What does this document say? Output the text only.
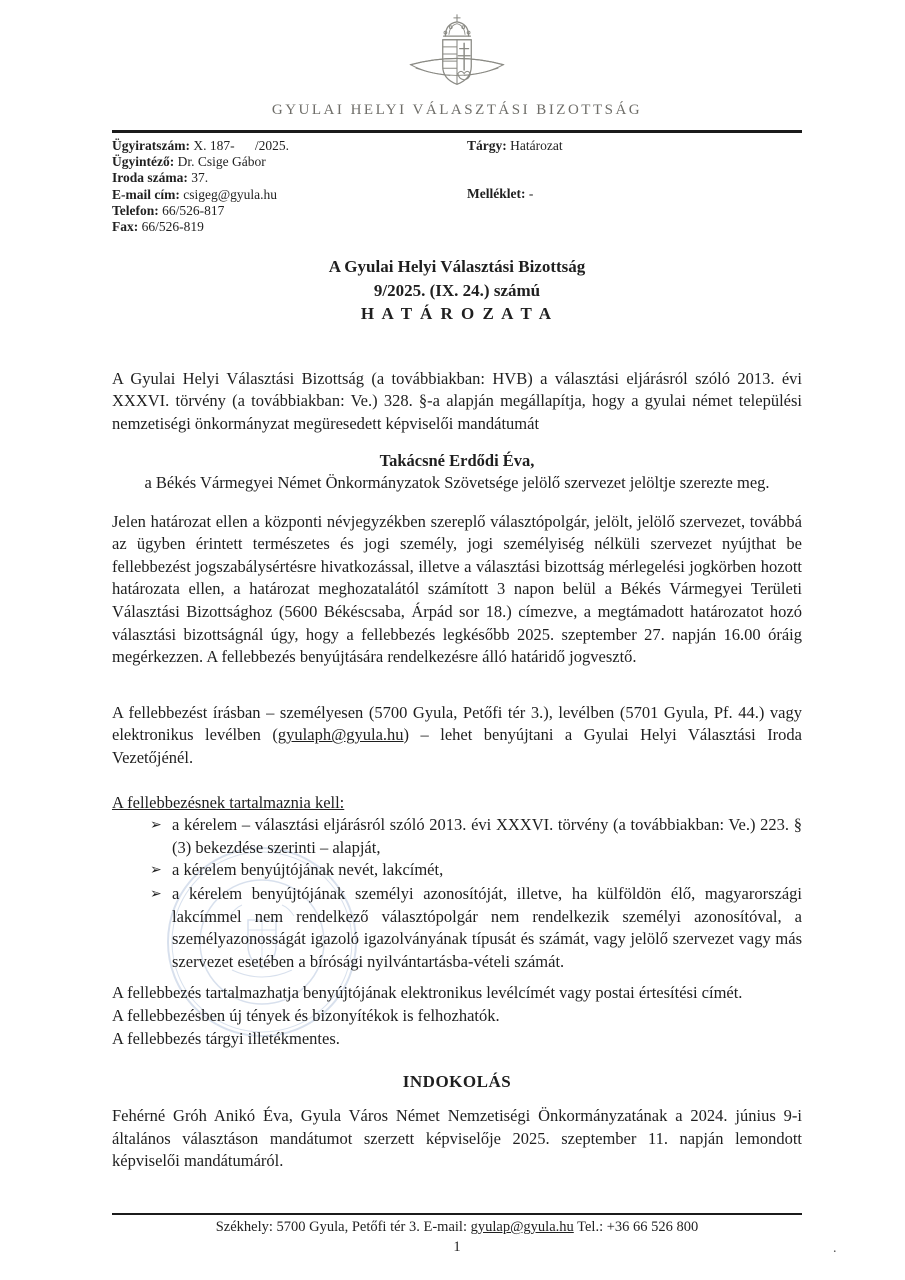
GYULAI HELYI VÁLASZTÁSI BIZOTTSÁG
Ügyiratszám: X. 187-      /2025.
Ügyintéző: Dr. Csige Gábor
Iroda száma: 37.
E-mail cím: csigeg@gyula.hu
Telefon: 66/526-817
Fax: 66/526-819
Tárgy: Határozat
Melléklet: -
A Gyulai Helyi Választási Bizottság
9/2025. (IX. 24.) számú
H A T Á R O Z A T A

A Gyulai Helyi Választási Bizottság (a továbbiakban: HVB) a választási eljárásról szóló 2013. évi XXXVI. törvény (a továbbiakban: Ve.) 328. §-a alapján megállapítja, hogy a gyulai német települési nemzetiségi önkormányzat megüresedett képviselői mandátumát

Takácsné Erdődi Éva,
a Békés Vármegyei Német Önkormányzatok Szövetsége jelölő szervezet jelöltje szerezte meg.

Jelen határozat ellen a központi névjegyzékben szereplő választópolgár, jelölt, jelölő szervezet, továbbá az ügyben érintett természetes és jogi személy, jogi személyiség nélküli szervezet nyújthat be fellebbezést jogszabálysértésre hivatkozással, illetve a választási bizottság mérlegelési jogkörben hozott határozata ellen, a határozat meghozatalától számított 3 napon belül a Békés Vármegyei Területi Választási Bizottsághoz (5600 Békéscsaba, Árpád sor 18.) címezve, a megtámadott határozatot hozó választási bizottságnál úgy, hogy a fellebbezés legkésőbb 2025. szeptember 27. napján 16.00 óráig megérkezzen. A fellebbezés benyújtására rendelkezésre álló határidő jogvesztő.

A fellebbezést írásban – személyesen (5700 Gyula, Petőfi tér 3.), levélben (5701 Gyula, Pf. 44.) vagy elektronikus levélben (gyulaph@gyula.hu) – lehet benyújtani a Gyulai Helyi Választási Iroda Vezetőjénél.

A fellebbezésnek tartalmaznia kell:
➢ a kérelem – választási eljárásról szóló 2013. évi XXXVI. törvény (a továbbiakban: Ve.) 223. § (3) bekezdése szerinti – alapját,
➢ a kérelem benyújtójának nevét, lakcímét,
➢ a kérelem benyújtójának személyi azonosítóját, illetve, ha külföldön élő, magyarországi lakcímmel nem rendelkező választópolgár nem rendelkezik személyi azonosítóval, a személyazonosságát igazoló igazolványának típusát és számát, vagy jelölő szervezet vagy más szervezet esetében a bírósági nyilvántartásba-vételi számát.
A fellebbezés tartalmazhatja benyújtójának elektronikus levélcímét vagy postai értesítési címét.
A fellebbezésben új tények és bizonyítékok is felhozhatók.
A fellebbezés tárgyi illetékmentes.
INDOKOLÁS

Fehérné Gróh Anikó Éva, Gyula Város Német Nemzetiségi Önkormányzatának a 2024. június 9-i általános választáson mandátumot szerzett képviselője 2025. szeptember 11. napján lemondott képviselői mandátumáról.

Székhely: 5700 Gyula, Petőfi tér 3. E-mail: gyulap@gyula.hu Tel.: +36 66 526 800
1	.
